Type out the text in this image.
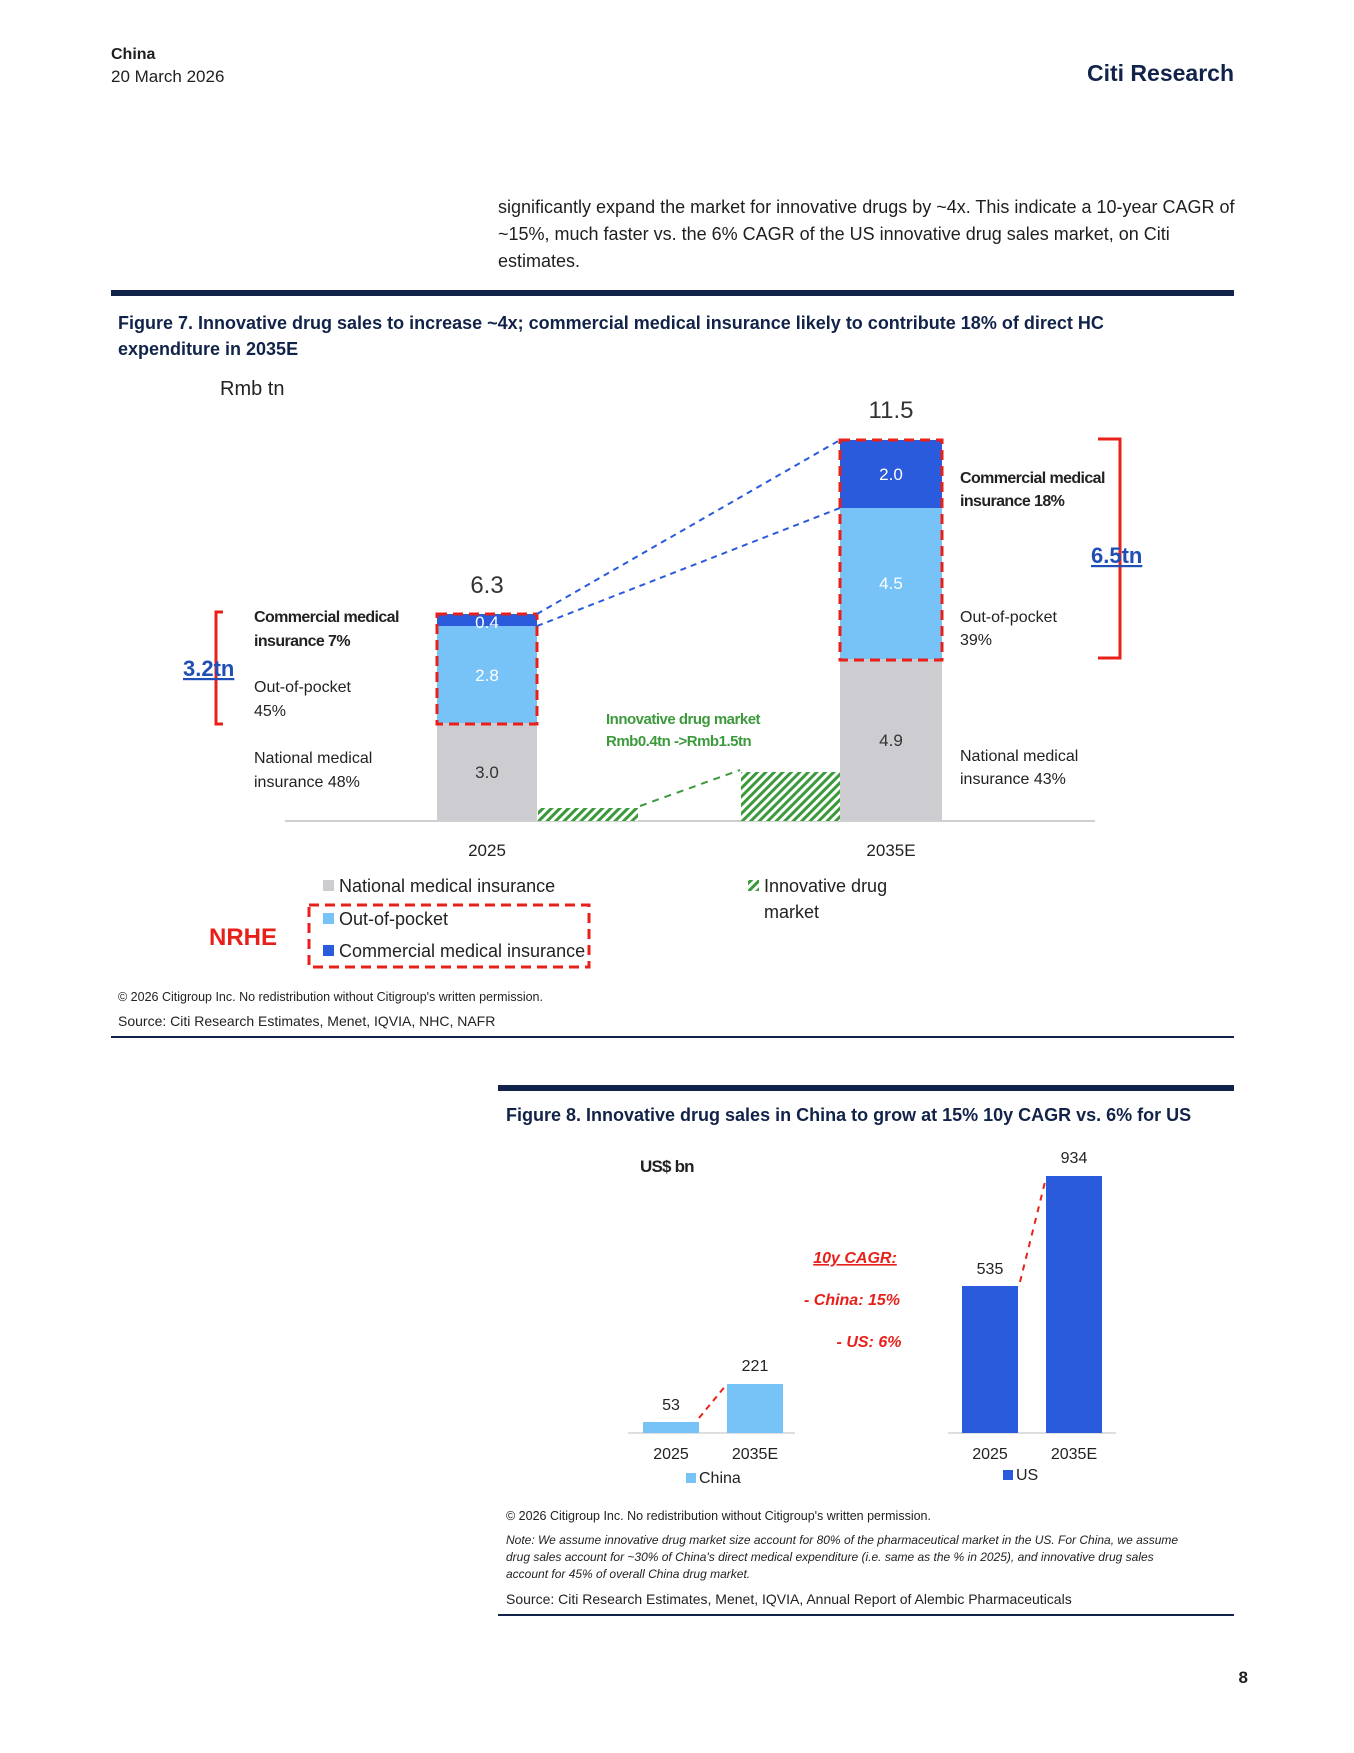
China
20 March 2026	Citi Research
significantly expand the market for innovative drugs by ~4x. This indicate a 10-year CAGR of ~15%, much faster vs. the 6% CAGR of the US innovative drug sales market, on Citi estimates.
Figure 7. Innovative drug sales to increase ~4x; commercial medical insurance likely to contribute 18% of direct HC expenditure in 2035E
Rmb tn
3.0
2.8
0.4
6.3
4.9
4.5
2.0
11.5
Innovative drug market
Rmb0.4tn ->Rmb1.5tn
Commercial medical
insurance 7%
Out-of-pocket
45%
National medical
insurance 48%
Commercial medical
insurance 18%
Out-of-pocket
39%
National medical
insurance 43%
3.2tn
6.5tn
2025	2035E
National medical insurance
Out-of-pocket
Commercial medical insurance
NRHE
Innovative drug
market
© 2026 Citigroup Inc. No redistribution without Citigroup's written permission.
Source: Citi Research Estimates, Menet, IQVIA, NHC, NAFR
Figure 8. Innovative drug sales in China to grow at 15% 10y CAGR vs. 6% for US
US$ bn
53
221
2025	2035E
China
10y CAGR:
- China: 15%
- US: 6%
535
934
2025	2035E
US
© 2026 Citigroup Inc. No redistribution without Citigroup's written permission.
Note: We assume innovative drug market size account for 80% of the pharmaceutical market in the US. For China, we assume
drug sales account for ~30% of China's direct medical expenditure (i.e. same as the % in 2025), and innovative drug sales
account for 45% of overall China drug market.
Source: Citi Research Estimates, Menet, IQVIA, Annual Report of Alembic Pharmaceuticals
8
